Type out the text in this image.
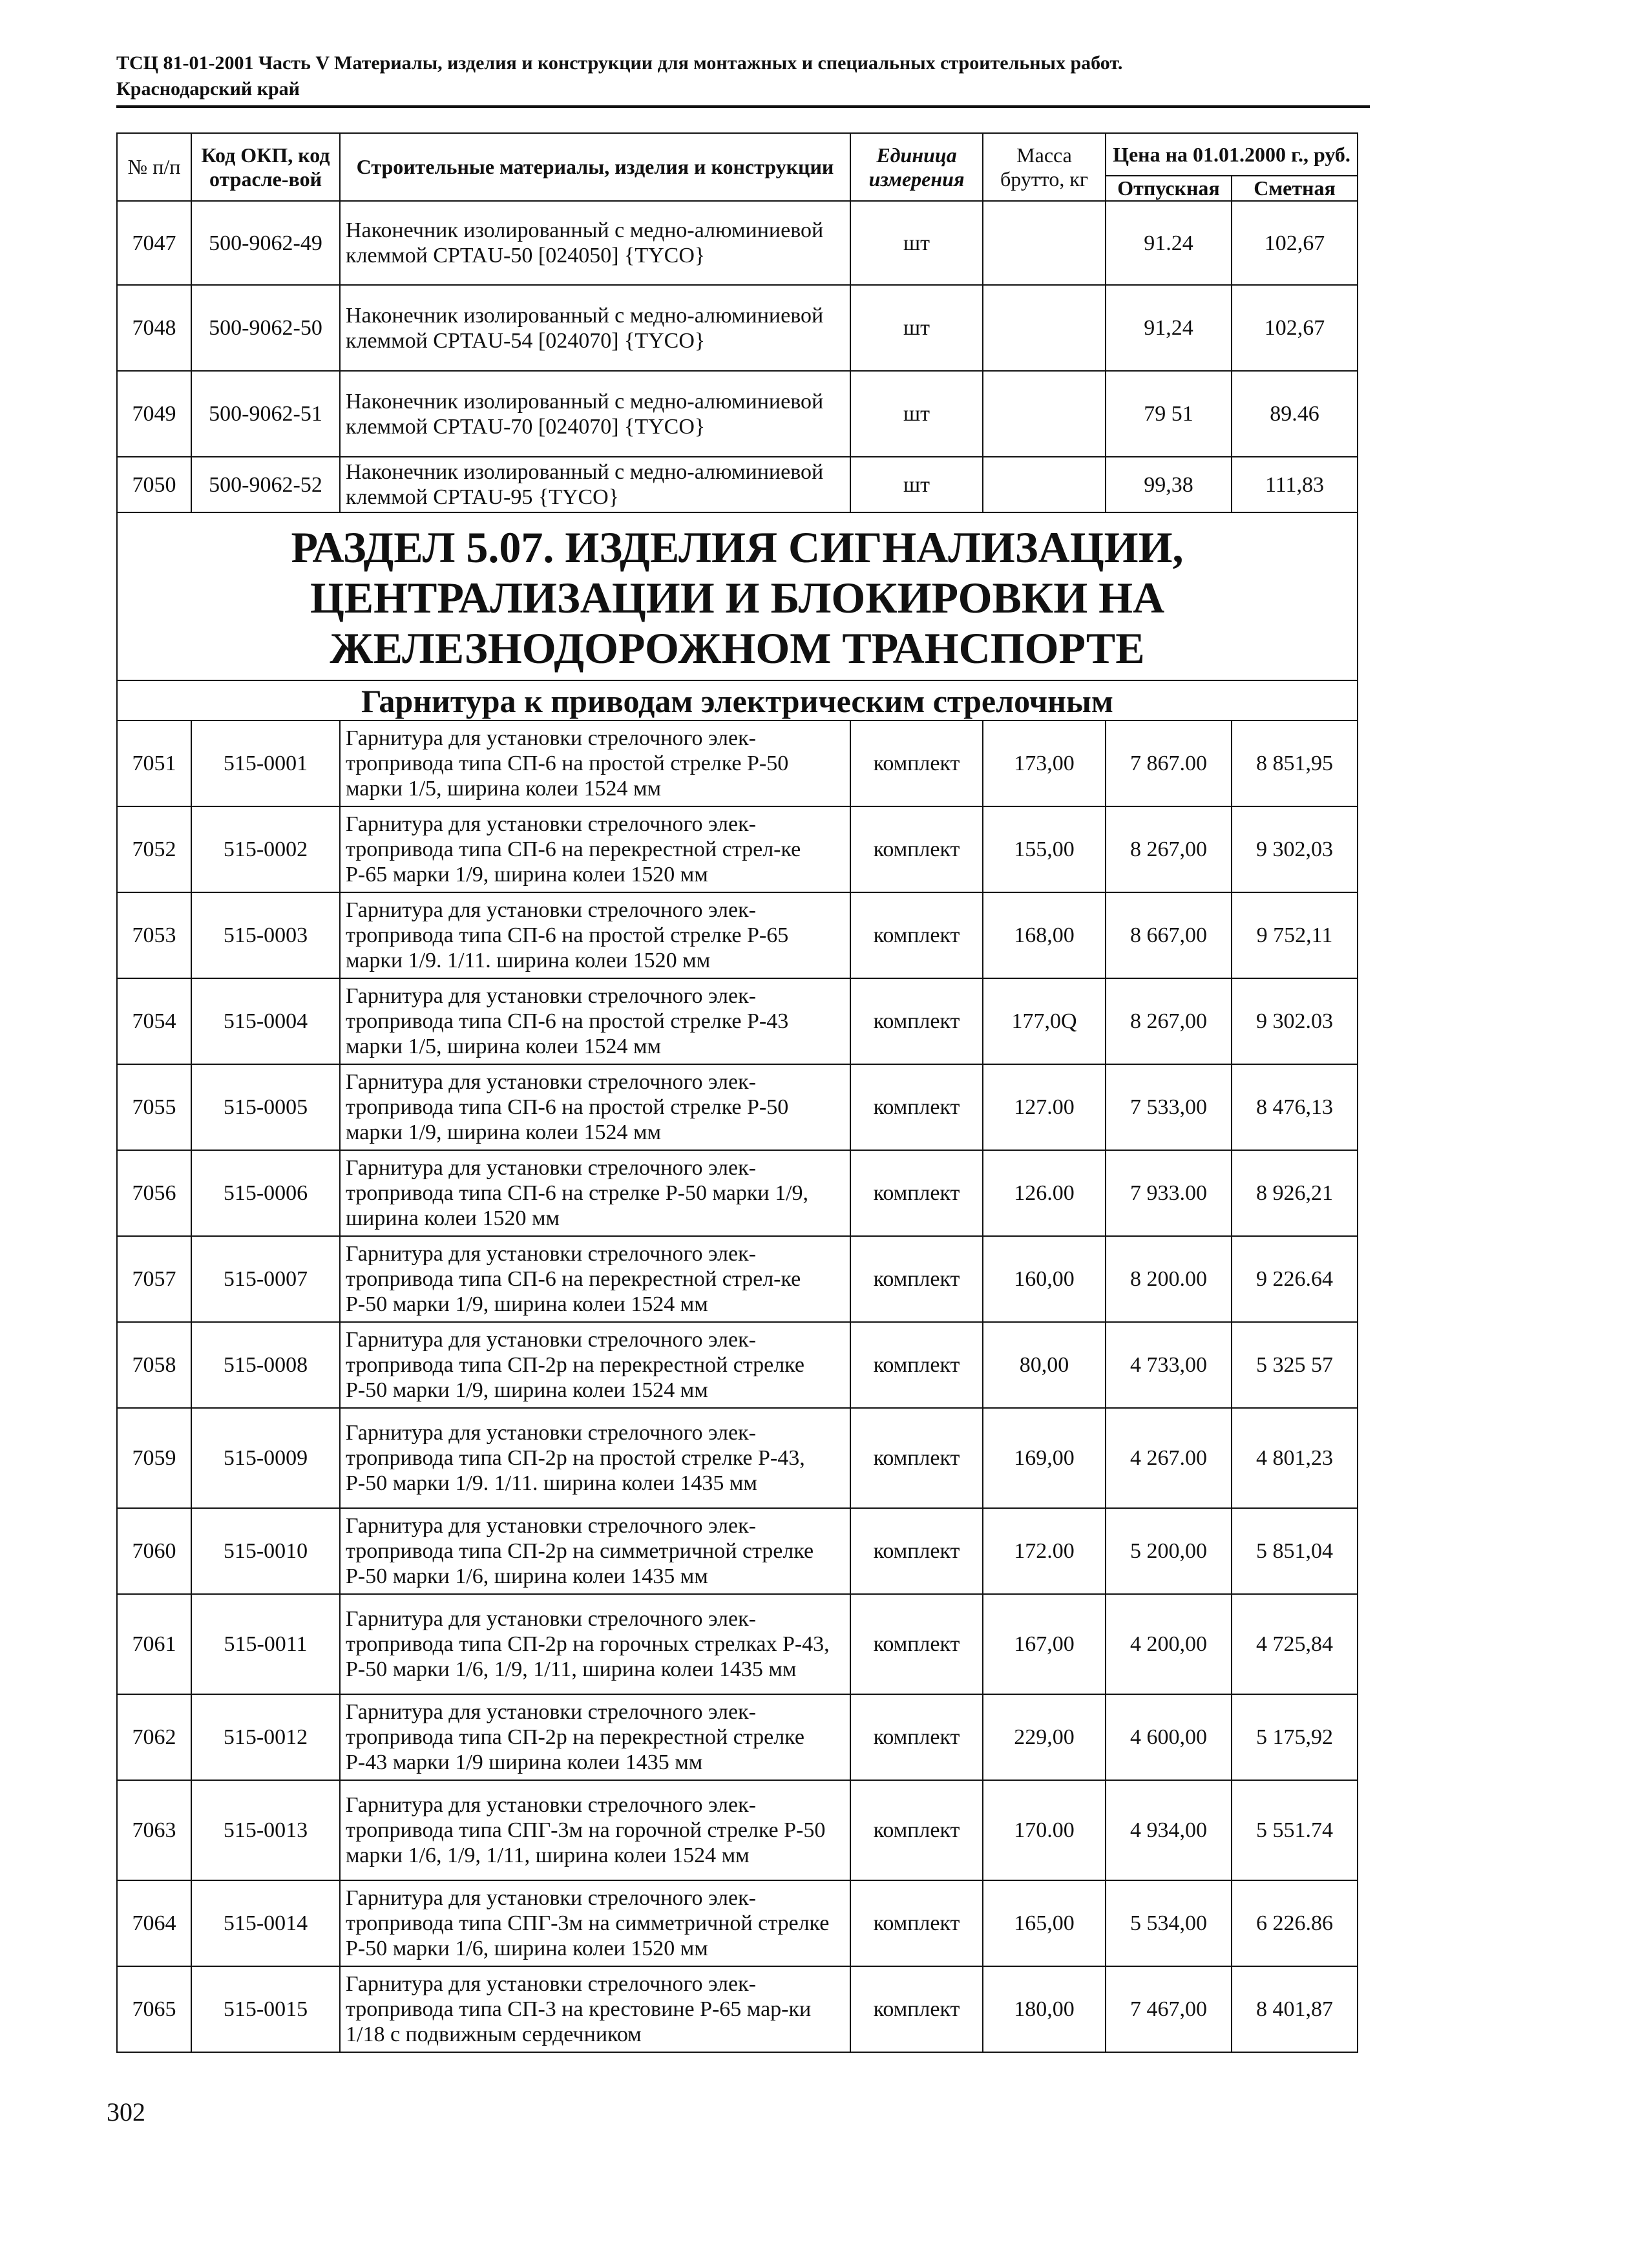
ТСЦ 81-01-2001 Часть V Материалы, изделия и конструкции для монтажных и специальных строительных работ.
Краснодарский край
№ п/п	Код ОКП, код отрасле-вой	Строительные материалы, изделия и конструкции	Единица измерения	Масса брутто, кг	Цена на 01.01.2000 г., руб.	
					Отпускная	Сметная
7047	500-9062-49	Наконечник изолированный с медно-алюминиевой клеммой CPTAU-50 [024050] {TYCO}	шт		91.24	102,67
7048	500-9062-50	Наконечник изолированный с медно-алюминиевой клеммой CPTAU-54 [024070] {TYCO}	шт		91,24	102,67
7049	500-9062-51	Наконечник изолированный с медно-алюминиевой клеммой CPTAU-70 [024070] {TYCO}	шт		79 51	89.46
7050	500-9062-52	Наконечник изолированный с медно-алюминиевой клеммой CPTAU-95 {TYCO}	шт		99,38	111,83
РАЗДЕЛ 5.07. ИЗДЕЛИЯ СИГНАЛИЗАЦИИ, ЦЕНТРАЛИЗАЦИИ И БЛОКИРОВКИ НА ЖЕЛЕЗНОДОРОЖНОМ ТРАНСПОРТЕ						
Гарнитура к приводам электрическим стрелочным						
7051	515-0001	Гарнитура для установки стрелочного элек-тропривода типа СП-6 на простой стрелке Р-50 марки 1/5, ширина колеи 1524 мм	комплект	173,00	7 867.00	8 851,95
7052	515-0002	Гарнитура для установки стрелочного элек-тропривода типа СП-6 на перекрестной стрел-ке Р-65 марки 1/9, ширина колеи 1520 мм	комплект	155,00	8 267,00	9 302,03
7053	515-0003	Гарнитура для установки стрелочного элек-тропривода типа СП-6 на простой стрелке Р-65 марки 1/9. 1/11. ширина колеи 1520 мм	комплект	168,00	8 667,00	9 752,11
7054	515-0004	Гарнитура для установки стрелочного элек-тропривода типа СП-6 на простой стрелке Р-43 марки 1/5, ширина колеи 1524 мм	комплект	177,0Q	8 267,00	9 302.03
7055	515-0005	Гарнитура для установки стрелочного элек-тропривода типа СП-6 на простой стрелке Р-50 марки 1/9, ширина колеи 1524 мм	комплект	127.00	7 533,00	8 476,13
7056	515-0006	Гарнитура для установки стрелочного элек-тропривода типа СП-6 на стрелке Р-50 марки 1/9, ширина колеи 1520 мм	комплект	126.00	7 933.00	8 926,21
7057	515-0007	Гарнитура для установки стрелочного элек-тропривода типа СП-6 на перекрестной стрел-ке Р-50 марки 1/9, ширина колеи 1524 мм	комплект	160,00	8 200.00	9 226.64
7058	515-0008	Гарнитура для установки стрелочного элек-тропривода типа СП-2р на перекрестной стрелке Р-50 марки 1/9, ширина колеи 1524 мм	комплект	80,00	4 733,00	5 325 57
7059	515-0009	Гарнитура для установки стрелочного элек-тропривода типа СП-2р на простой стрелке Р-43, Р-50 марки 1/9. 1/11. ширина колеи 1435 мм	комплект	169,00	4 267.00	4 801,23
7060	515-0010	Гарнитура для установки стрелочного элек-тропривода типа СП-2р на симметричной стрелке Р-50 марки 1/6, ширина колеи 1435 мм	комплект	172.00	5 200,00	5 851,04
7061	515-0011	Гарнитура для установки стрелочного элек-тропривода типа СП-2р на горочных стрелках Р-43, Р-50 марки 1/6, 1/9, 1/11, ширина колеи 1435 мм	комплект	167,00	4 200,00	4 725,84
7062	515-0012	Гарнитура для установки стрелочного элек-тропривода типа СП-2р на перекрестной стрелке Р-43 марки 1/9 ширина колеи 1435 мм	комплект	229,00	4 600,00	5 175,92
7063	515-0013	Гарнитура для установки стрелочного элек-тропривода типа СПГ-3м на горочной стрелке Р-50 марки 1/6, 1/9, 1/11, ширина колеи 1524 мм	комплект	170.00	4 934,00	5 551.74
7064	515-0014	Гарнитура для установки стрелочного элек-тропривода типа СПГ-3м на симметричной стрелке Р-50 марки 1/6, ширина колеи 1520 мм	комплект	165,00	5 534,00	6 226.86
7065	515-0015	Гарнитура для установки стрелочного элек-тропривода типа СП-3 на крестовине Р-65 мар-ки 1/18 с подвижным сердечником	комплект	180,00	7 467,00	8 401,87
302
